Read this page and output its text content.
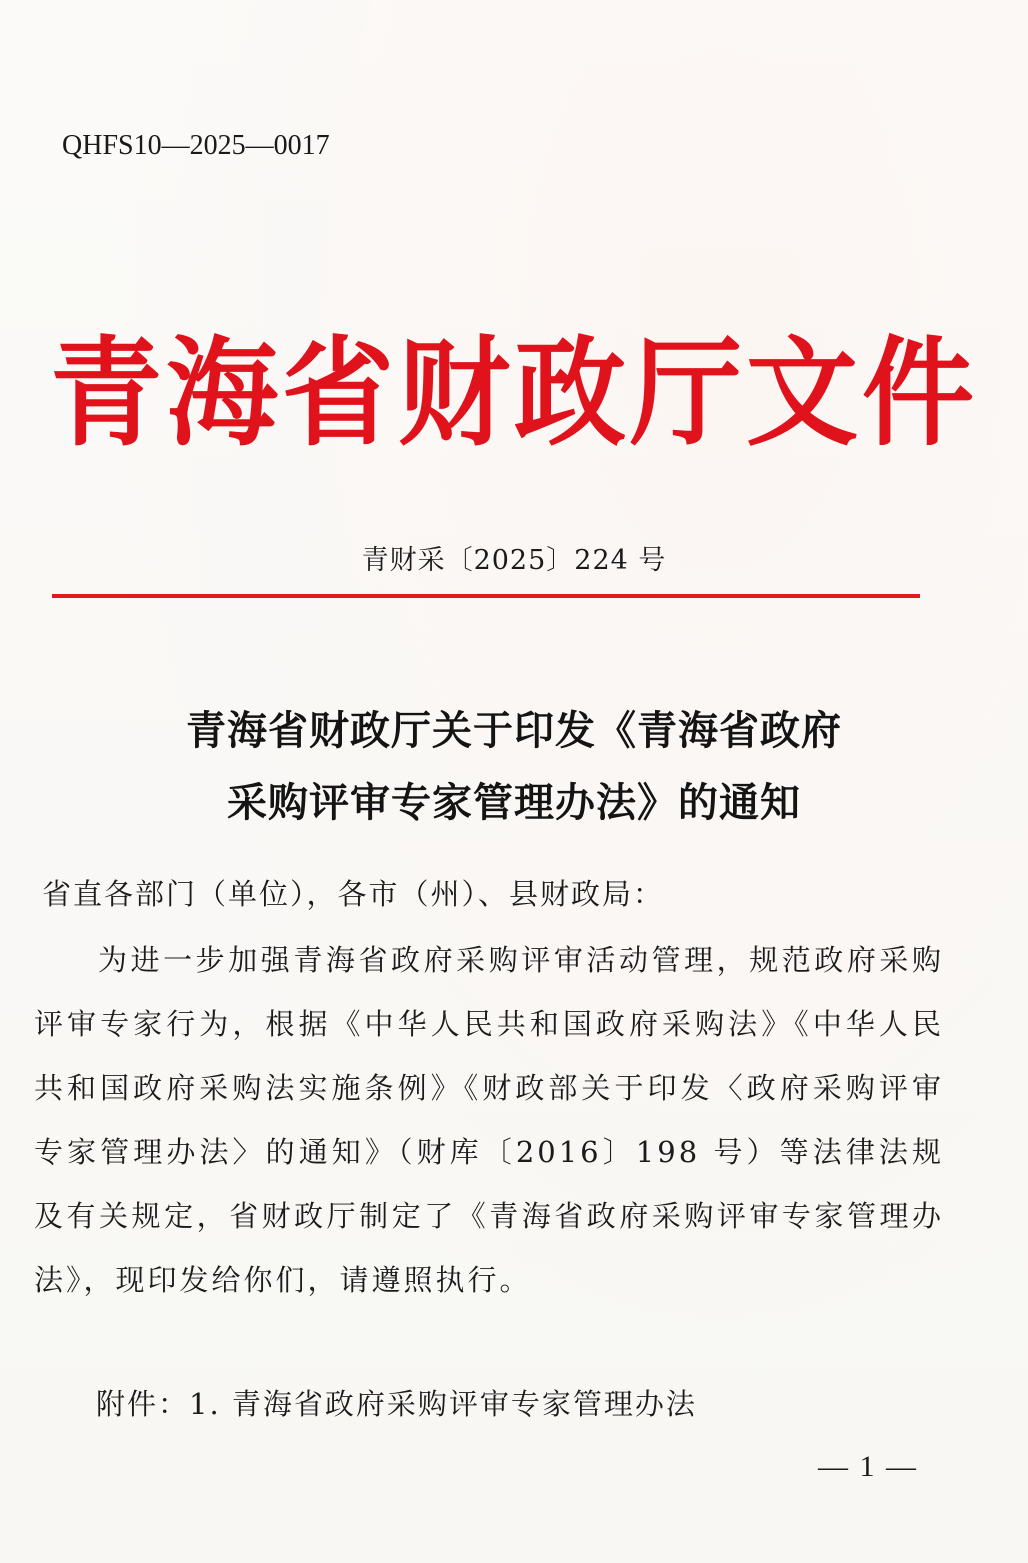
QHFS10—2025—0017
青海省财政厅文件
青财采〔2025〕224 号
青海省财政厅关于印发《青海省政府
采购评审专家管理办法》的通知
省直各部门（单位），各市（州）、县财政局：
为进一步加强青海省政府采购评审活动管理，规范政府采购评审专家行为，根据《中华人民共和国政府采购法》《中华人民共和国政府采购法实施条例》《财政部关于印发〈政府采购评审专家管理办法〉的通知》（财库〔2016〕198 号）等法律法规及有关规定，省财政厅制定了《青海省政府采购评审专家管理办法》，现印发给你们，请遵照执行。
附件：1. 青海省政府采购评审专家管理办法
— 1 —
